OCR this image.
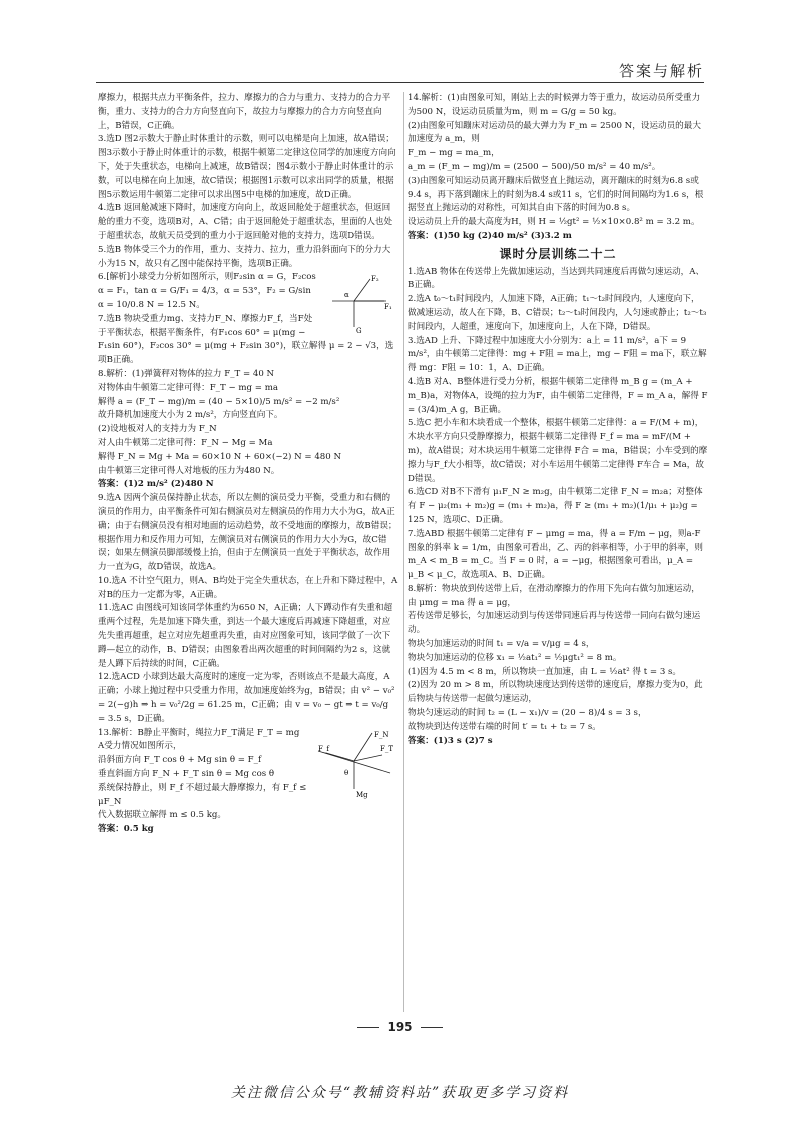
答案与解析

摩擦力，根据共点力平衡条件，拉力、摩擦力的合力与重力、支持力的合力平衡，重力、支持力的合力方向竖直向下，故拉力与摩擦力的合力方向竖直向上，B错误，C正确。

3.选D 图2示数大于静止时体重计的示数，则可以电梯是向上加速，故A错误；图3示数小于静止时体重计的示数，根据牛顿第二定律这位同学的加速度方向向下，处于失重状态，电梯向上减速，故B错误；图4示数小于静止时体重计的示数，可以电梯在向上加速，故C错误；根据图1示数可以求出同学的质量，根据图5示数运用牛顿第二定律可以求出图5中电梯的加速度，故D正确。

4.选B 返回舱减速下降时，加速度方向向上，故返回舱处于超重状态，但返回舱的重力不变，选项B对，A、C错；由于返回舱处于超重状态，里面的人也处于超重状态，故航天员受到的重力小于返回舱对他的支持力，选项D错误。

5.选B 物体受三个力的作用，重力、支持力、拉力，重力沿斜面向下的分力大小为15 N，故只有乙图中能保持平衡，选项B正确。

F₂
α
F₁
G

6.[解析]小球受力分析如图所示，则F₂sin α = G，F₂cos α = F₁，tan α = G/F₁ = 4/3，α = 53°，F₂ = G/sin α = 10/0.8 N = 12.5 N。

7.选B 物块受重力mg、支持力F_N、摩擦力F_f，当F处于平衡状态，根据平衡条件，有F₁cos 60° = μ(mg − F₁sin 60°)，F₂cos 30° = μ(mg + F₂sin 30°)，联立解得 μ = 2 − √3，选项B正确。

8.解析：(1)弹簧秤对物体的拉力 F_T = 40 N

对物体由牛顿第二定律可得：F_T − mg = ma

解得 a = (F_T − mg)/m = (40 − 5×10)/5 m/s² = −2 m/s²

故升降机加速度大小为 2 m/s²，方向竖直向下。

(2)设地板对人的支持力为 F_N

对人由牛顿第二定律可得：F_N − Mg = Ma

解得 F_N = Mg + Ma = 60×10 N + 60×(−2) N = 480 N

由牛顿第三定律可得人对地板的压力为480 N。

答案：(1)2 m/s² (2)480 N

9.选A 因两个演员保持静止状态，所以左侧的演员受力平衡，受重力和右侧的演员的作用力，由平衡条件可知右侧演员对左侧演员的作用力大小为G，故A正确；由于右侧演员没有相对地面的运动趋势，故不受地面的摩擦力，故B错误；根据作用力和反作用力可知，左侧演员对右侧演员的作用力大小为G，故C错误；如果左侧演员脚部缓慢上抬，但由于左侧演员一直处于平衡状态，故作用力一直为G，故D错误，故选A。

10.选A 不计空气阻力，则A、B均处于完全失重状态，在上升和下降过程中，A对B的压力一定都为零，A正确。

11.选AC 由图线可知该同学体重约为650 N，A正确；人下蹲动作有失重和超重两个过程，先是加速下降失重，到达一个最大速度后再减速下降超重，对应先失重再超重，起立对应先超重再失重，由对应图象可知，该同学做了一次下蹲—起立的动作，B、D错误；由图象看出两次超重的时间间隔约为2 s，这就是人蹲下后持续的时间，C正确。

12.选ACD 小球到达最大高度时的速度一定为零，否则该点不是最大高度，A正确；小球上抛过程中只受重力作用，故加速度始终为g，B错误；由 v² − v₀² = 2(−g)h ⇒ h = v₀²/2g = 61.25 m，C正确；由 v = v₀ − gt ⇒ t = v₀/g = 3.5 s，D正确。

F_N
F_f	F_T
θ
Mg

13.解析：B静止平衡时，绳拉力F_T满足 F_T = mg

A受力情况如图所示，

沿斜面方向 F_T cos θ + Mg sin θ = F_f

垂直斜面方向 F_N + F_T sin θ = Mg cos θ

系统保持静止，则 F_f 不超过最大静摩擦力，有 F_f ≤ μF_N

代入数据联立解得 m ≤ 0.5 kg。

答案：0.5 kg

14.解析：(1)由图象可知，刚站上去的时候弹力等于重力，故运动员所受重力为500 N，设运动员质量为m，则 m = G/g = 50 kg。

(2)由图象可知蹦床对运动员的最大弹力为 F_m = 2500 N，设运动员的最大加速度为 a_m，则

F_m − mg = ma_m，

a_m = (F_m − mg)/m = (2500 − 500)/50 m/s² = 40 m/s²。

(3)由图象可知运动员离开蹦床后做竖直上抛运动，离开蹦床的时刻为6.8 s或9.4 s，再下落到蹦床上的时刻为8.4 s或11 s，它们的时间间隔均为1.6 s，根据竖直上抛运动的对称性，可知其自由下落的时间为0.8 s。

设运动员上升的最大高度为H，则 H = ½gt² = ½×10×0.8² m = 3.2 m。

答案：(1)50 kg (2)40 m/s² (3)3.2 m

课时分层训练二十二

1.选AB 物体在传送带上先做加速运动，当达到共同速度后再做匀速运动，A、B正确。

2.选A t₀～t₁时间段内，人加速下降，A正确；t₁～t₂时间段内，人速度向下，做减速运动，故人在下降，B、C错误；t₂～t₃时间段内，人匀速或静止；t₂～t₃时间段内，人超重，速度向下，加速度向上，人在下降，D错误。

3.选AD 上升、下降过程中加速度大小分别为：a上 = 11 m/s²，a下 = 9 m/s²，由牛顿第二定律得：mg + F阻 = ma上，mg − F阻 = ma下，联立解得 mg：F阻 = 10：1，A、D正确。

4.选B 对A、B整体进行受力分析，根据牛顿第二定律得 m_B g = (m_A + m_B)a，对物体A，设绳的拉力为F，由牛顿第二定律得，F = m_A a，解得 F = (3/4)m_A g，B正确。

5.选C 把小车和木块看成一个整体，根据牛顿第二定律得：a = F/(M + m)，木块水平方向只受静摩擦力，根据牛顿第二定律得 F_f = ma = mF/(M + m)，故A错误；对木块运用牛顿第二定律得 F合 = ma，B错误；小车受到的摩擦力与F_f大小相等，故C错误；对小车运用牛顿第二定律得 F车合 = Ma，故D错误。

6.选CD 对B不下滑有 μ₁F_N ≥ m₂g，由牛顿第二定律 F_N = m₂a；对整体有 F − μ₂(m₁ + m₂)g = (m₁ + m₂)a，得 F ≥ (m₁ + m₂)(1/μ₁ + μ₂)g = 125 N，选项C、D正确。

7.选ABD 根据牛顿第二定律有 F − μmg = ma，得 a = F/m − μg，则a-F图象的斜率 k = 1/m，由图象可看出，乙、丙的斜率相等，小于甲的斜率，则 m_A < m_B = m_C。当 F = 0 时，a = −μg，根据图象可看出，μ_A = μ_B < μ_C，故选项A、B、D正确。

8.解析：物块放到传送带上后，在滑动摩擦力的作用下先向右做匀加速运动，由 μmg = ma 得 a = μg，

若传送带足够长，匀加速运动到与传送带同速后再与传送带一同向右做匀速运动。

物块匀加速运动的时间 t₁ = v/a = v/μg = 4 s，

物块匀加速运动的位移 x₁ = ½at₁² = ½μgt₁² = 8 m。

(1)因为 4.5 m < 8 m，所以物块一直加速，由 L = ½at² 得 t = 3 s。

(2)因为 20 m > 8 m，所以物块速度达到传送带的速度后，摩擦力变为0，此后物块与传送带一起做匀速运动，

物块匀速运动的时间 t₂ = (L − x₁)/v = (20 − 8)/4 s = 3 s，

故物块到达传送带右端的时间 t′ = t₁ + t₂ = 7 s。

答案：(1)3 s (2)7 s

195
关注微信公众号“教辅资料站”获取更多学习资料
